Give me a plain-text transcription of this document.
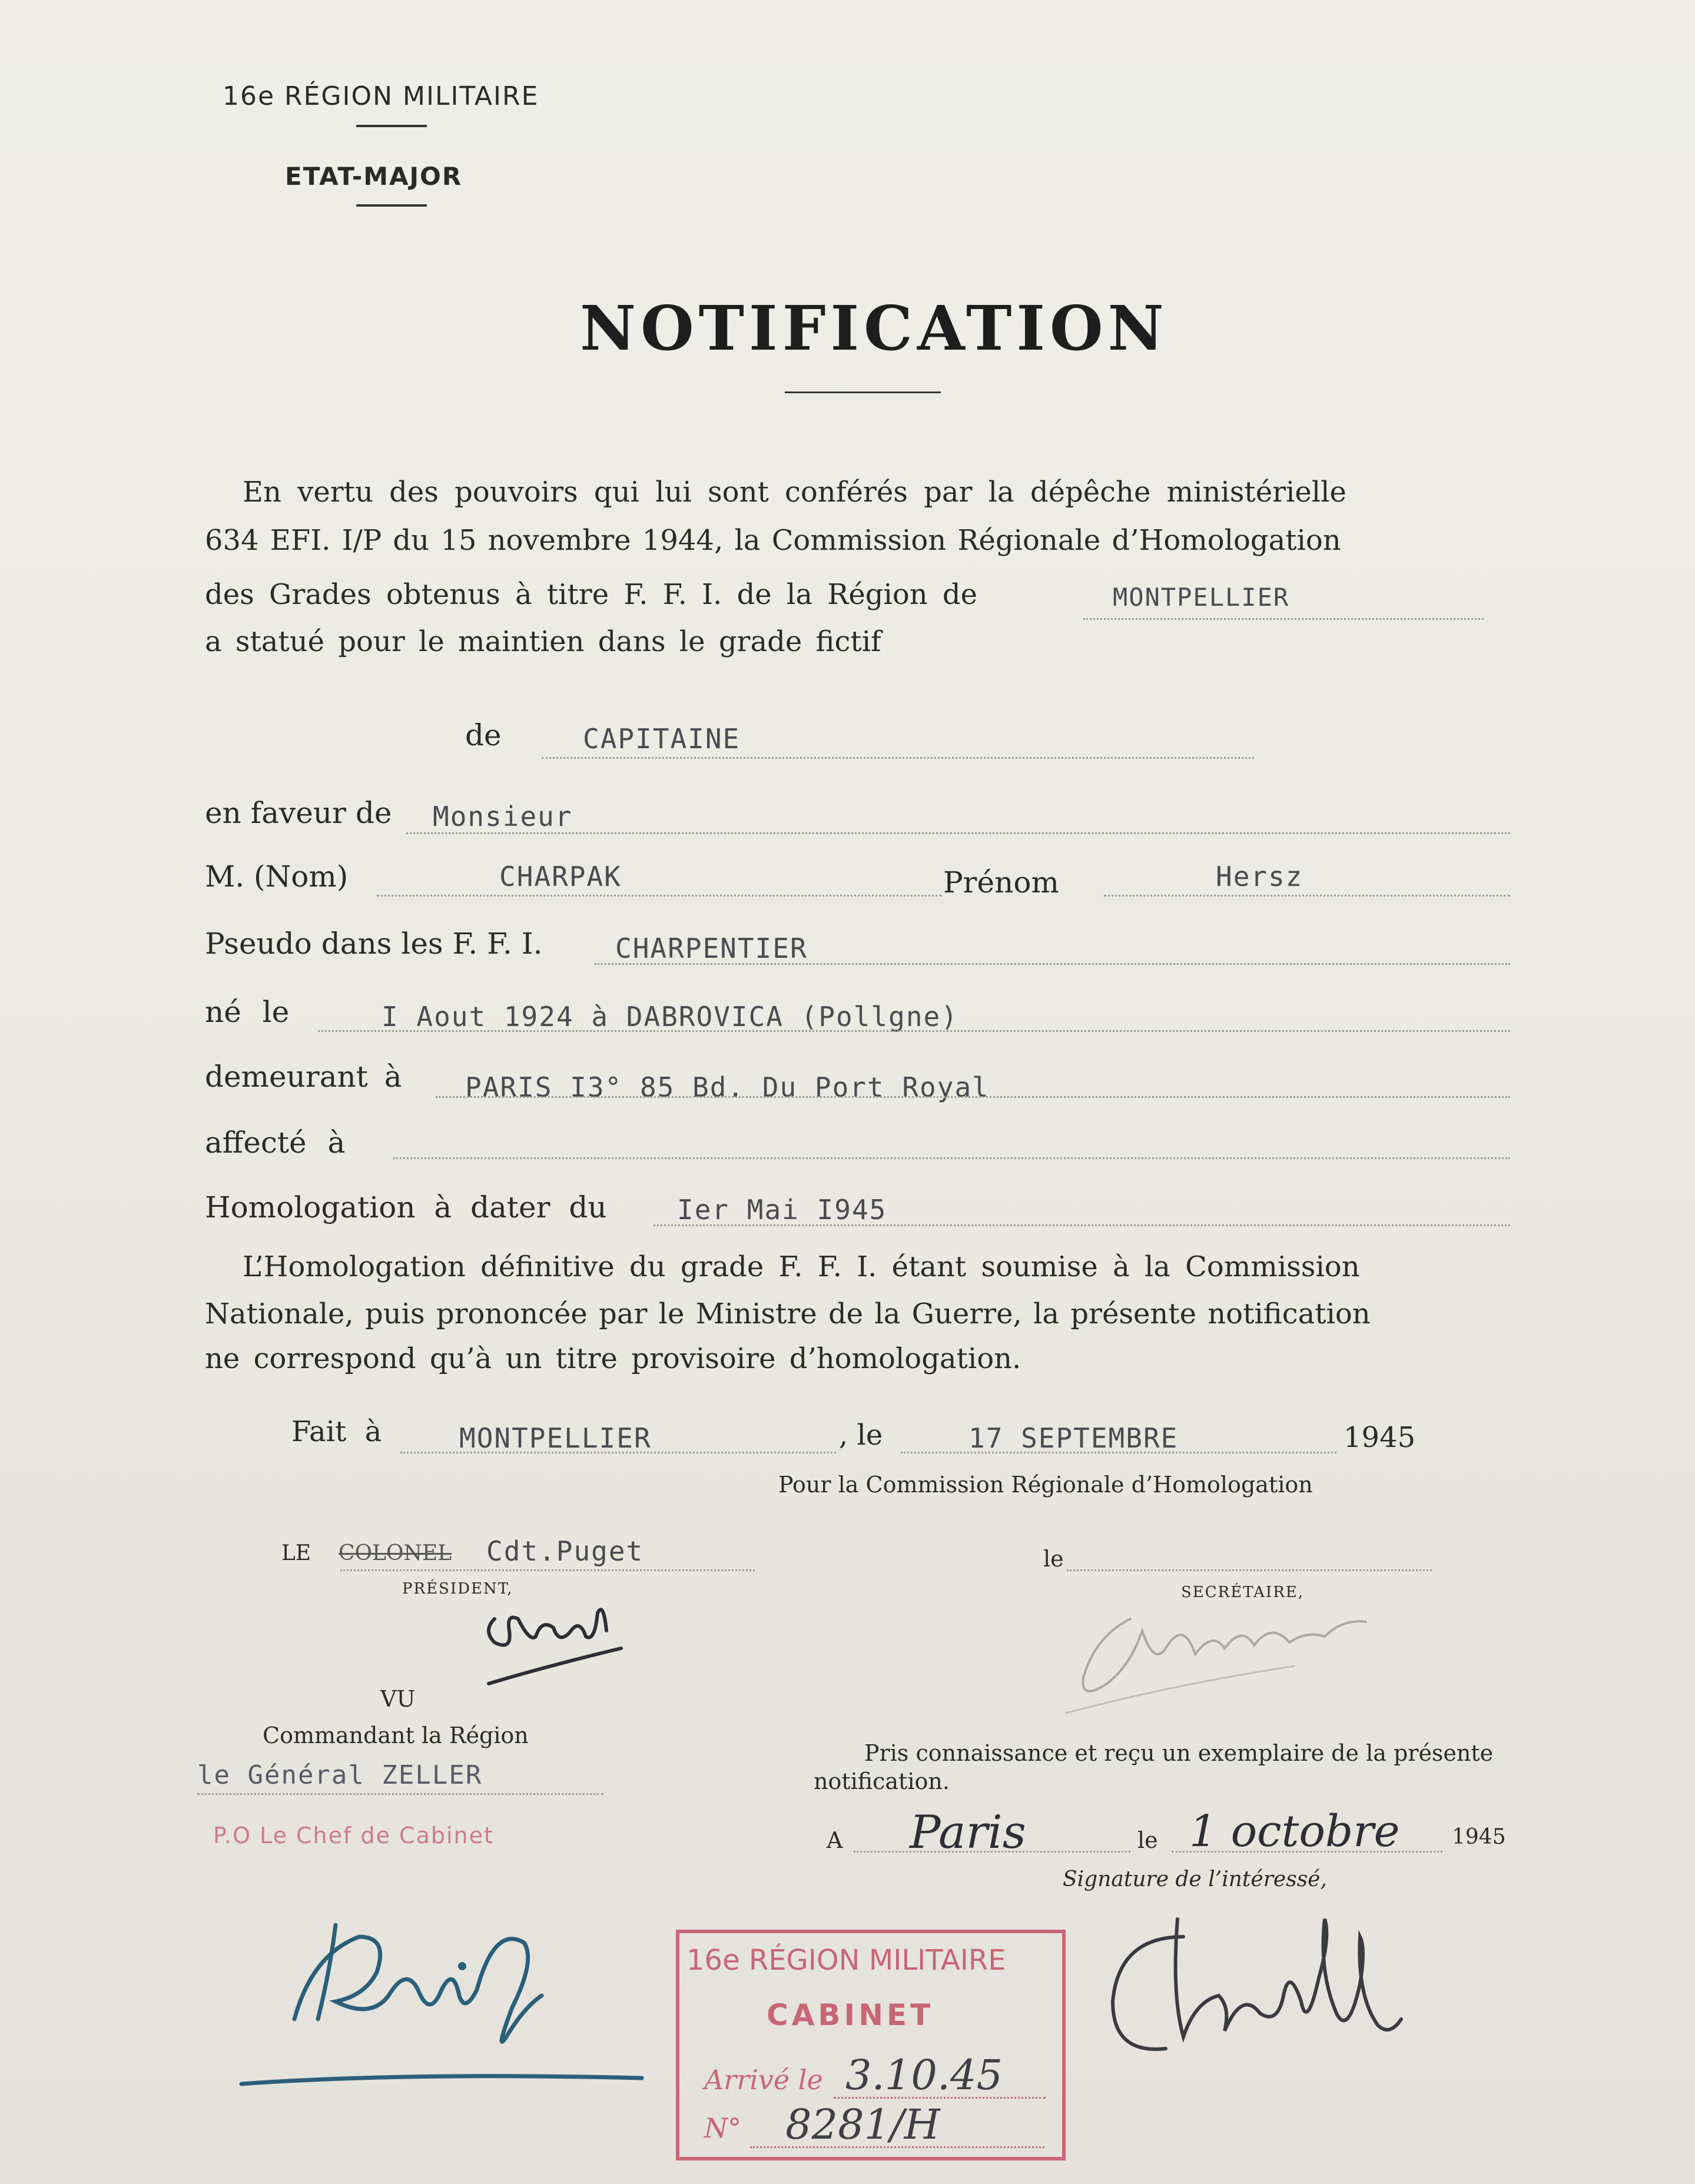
16e RÉGION MILITAIRE
ETAT-MAJOR
NOTIFICATION
En vertu des pouvoirs qui lui sont conférés par la dépêche ministérielle
634 EFI. I/P du 15 novembre 1944, la Commission Régionale d’Homologation
des Grades obtenus à titre F. F. I. de la Région de	MONTPELLIER
a statué pour le maintien dans le grade fictif
de	CAPITAINE
en faveur de Monsieur
M. (Nom)	CHARPAK	Prénom	Hersz
Pseudo dans les F. F. I.	CHARPENTIER
né le	I Aout 1924 à DABROVICA (Pollgne)
demeurant à PARIS I3° 85 Bd. Du Port Royal
affecté à
Homologation à dater du	Ier Mai I945
L’Homologation définitive du grade F. F. I. étant soumise à la Commission
Nationale, puis prononcée par le Ministre de la Guerre, la présente notification
ne correspond qu’à un titre provisoire d’homologation.
Fait à	MONTPELLIER	, le	17 SEPTEMBRE	1945
Pour la Commission Régionale d’Homologation
LE COLONEL Cdt.Puget
PRÉSIDENT,
VU
Commandant la Région
le Général ZELLER
P.O Le Chef de Cabinet
le
SECRÉTAIRE,
Pris connaissance et reçu un exemplaire de la présente
notification.
A Paris	le 1 octobre 1945
Signature de l’intéressé,
16e RÉGION MILITAIRE
CABINET
Arrivé le 3.10.45
N° 8281/H
